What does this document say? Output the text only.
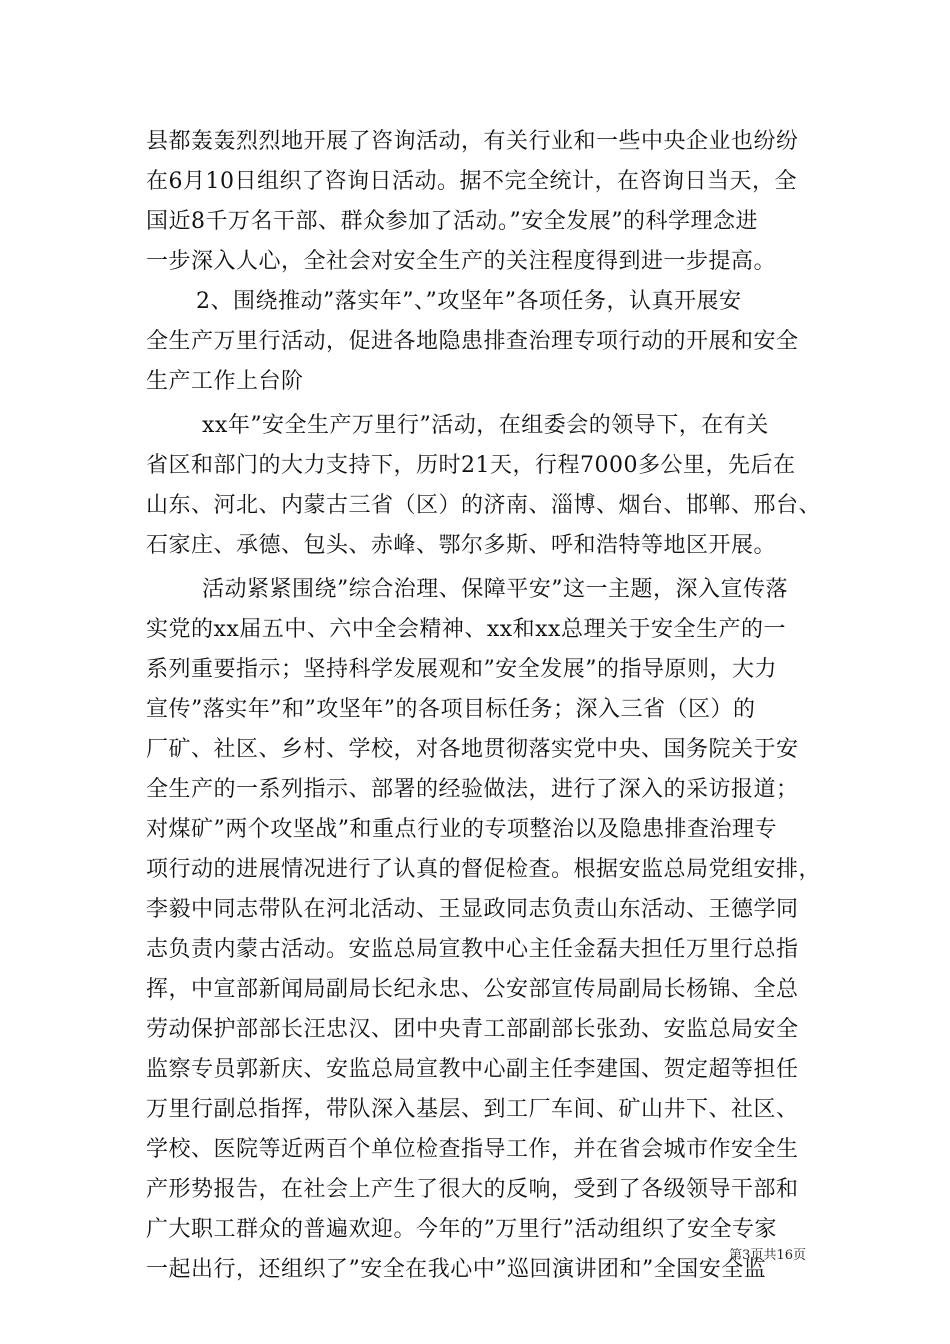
县都轰轰烈烈地开展了咨询活动，有关行业和一些中央企业也纷纷
在6月10日组织了咨询日活动。据不完全统计，在咨询日当天，全
国近8千万名干部、群众参加了活动。”安全发展”的科学理念进
一步深入人心，全社会对安全生产的关注程度得到进一步提高。
2、围绕推动”落实年”、”攻坚年”各项任务，认真开展安
全生产万里行活动，促进各地隐患排查治理专项行动的开展和安全
生产工作上台阶
xx年”安全生产万里行”活动，在组委会的领导下，在有关
省区和部门的大力支持下，历时21天，行程7000多公里，先后在
山东、河北、内蒙古三省（区）的济南、淄博、烟台、邯郸、邢台、
石家庄、承德、包头、赤峰、鄂尔多斯、呼和浩特等地区开展。
活动紧紧围绕”综合治理、保障平安”这一主题，深入宣传落
实党的xx届五中、六中全会精神、xx和xx总理关于安全生产的一
系列重要指示；坚持科学发展观和”安全发展”的指导原则，大力
宣传”落实年”和”攻坚年”的各项目标任务；深入三省（区）的
厂矿、社区、乡村、学校，对各地贯彻落实党中央、国务院关于安
全生产的一系列指示、部署的经验做法，进行了深入的采访报道；
对煤矿”两个攻坚战”和重点行业的专项整治以及隐患排查治理专
项行动的进展情况进行了认真的督促检查。根据安监总局党组安排，
李毅中同志带队在河北活动、王显政同志负责山东活动、王德学同
志负责内蒙古活动。安监总局宣教中心主任金磊夫担任万里行总指
挥，中宣部新闻局副局长纪永忠、公安部宣传局副局长杨锦、全总
劳动保护部部长汪忠汉、团中央青工部副部长张劲、安监总局安全
监察专员郭新庆、安监总局宣教中心副主任李建国、贺定超等担任
万里行副总指挥，带队深入基层、到工厂车间、矿山井下、社区、
学校、医院等近两百个单位检查指导工作，并在省会城市作安全生
产形势报告，在社会上产生了很大的反响，受到了各级领导干部和
广大职工群众的普遍欢迎。今年的”万里行”活动组织了安全专家
一起出行，还组织了”安全在我心中”巡回演讲团和”全国安全监
第3页共16页
